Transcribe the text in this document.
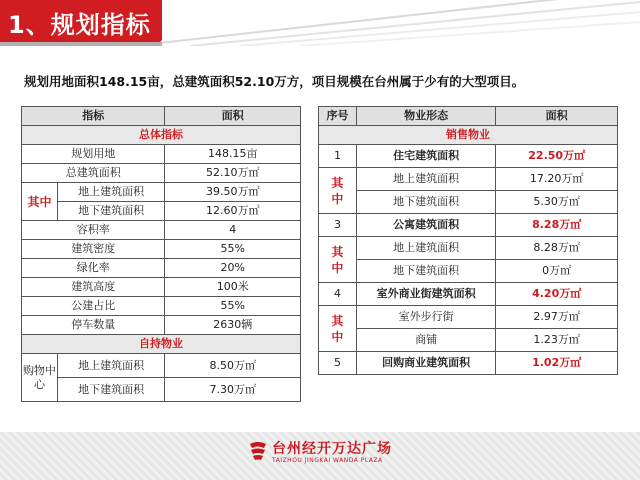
1、规划指标
规划用地面积148.15亩，总建筑面积52.10万方，项目规模在台州属于少有的大型项目。
指标		面积
总体指标		
规划用地		148.15亩
总建筑面积		52.10万㎡
其中	地上建筑面积	39.50万㎡
	地下建筑面积	12.60万㎡
容积率		4
建筑密度		55%
绿化率		20%
建筑高度		100米
公建占比		55%
停车数量		2630辆
自持物业		
购物中心	地上建筑面积	8.50万㎡
	地下建筑面积	7.30万㎡
序号	物业形态	面积
销售物业		
1	住宅建筑面积	22.50万㎡
其中	地上建筑面积	17.20万㎡
	地下建筑面积	5.30万㎡
3	公寓建筑面积	8.28万㎡
其中	地上建筑面积	8.28万㎡
	地下建筑面积	0万㎡
4	室外商业街建筑面积	4.20万㎡
其中	室外步行街	2.97万㎡
	商铺	1.23万㎡
5	回购商业建筑面积	1.02万㎡
台州经开万达广场
TAIZHOU JINGKAI WANDA PLAZA
